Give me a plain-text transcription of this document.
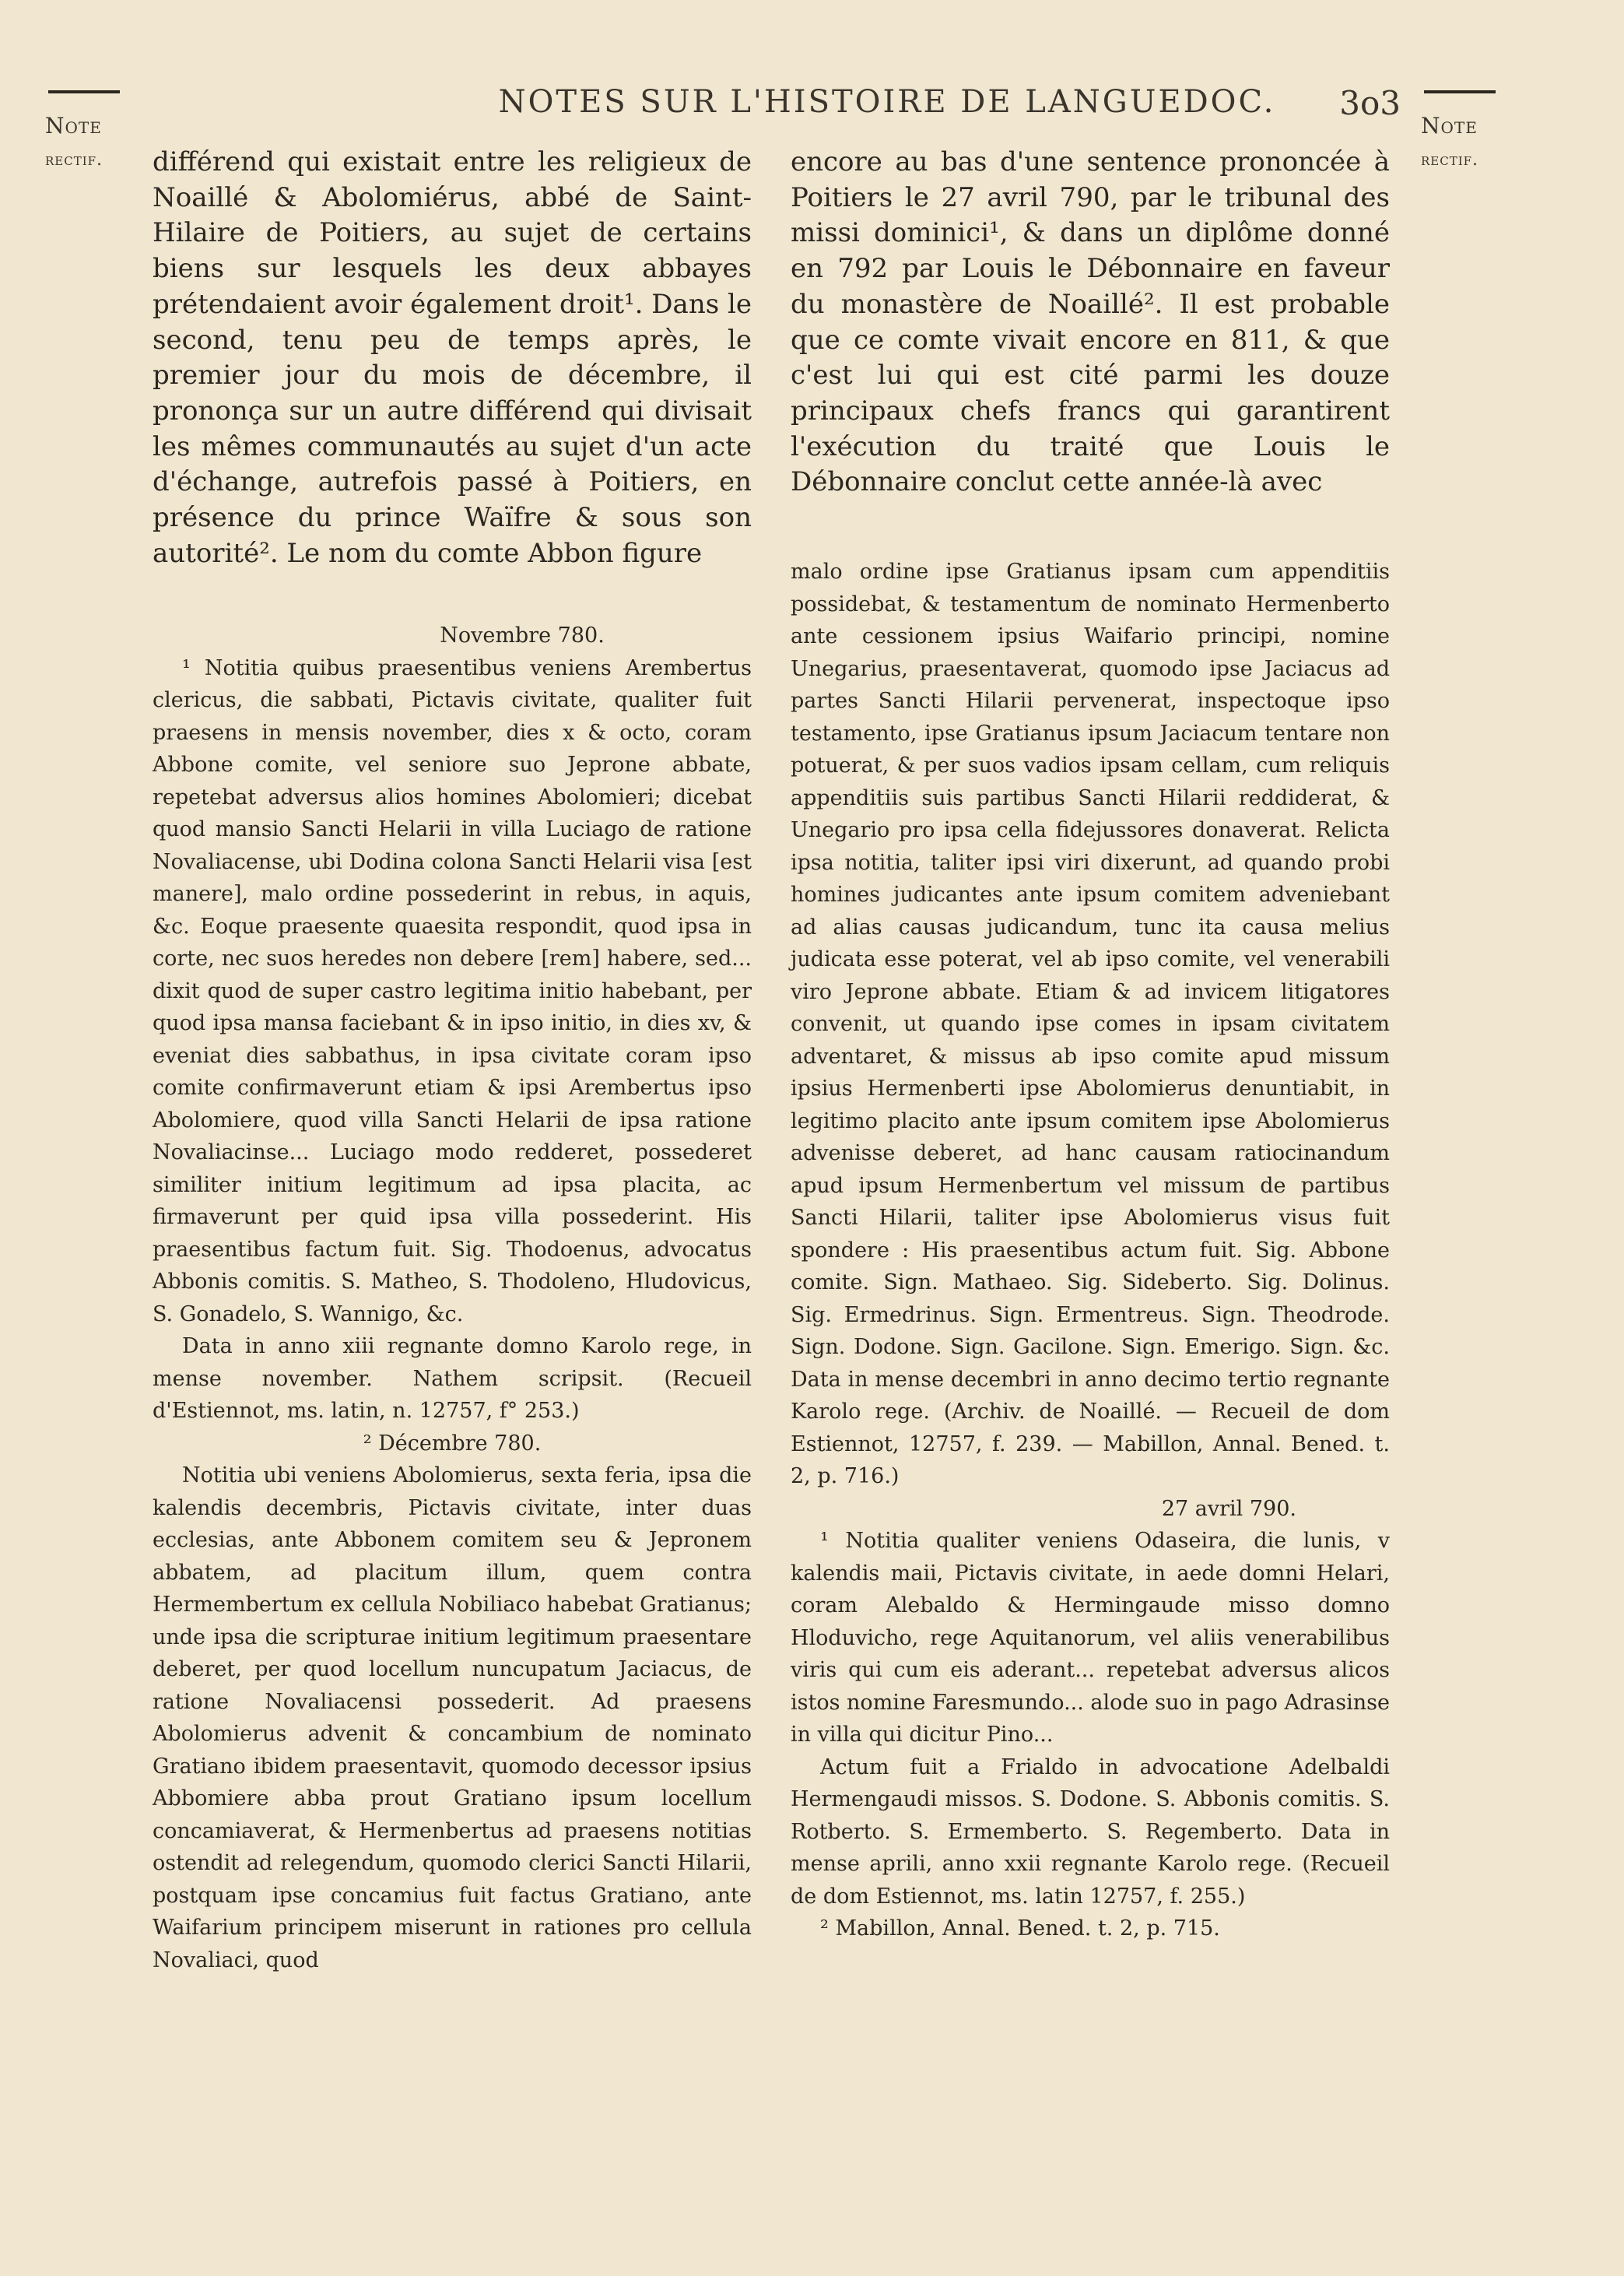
Note
rectif.
Note
rectif.
NOTES SUR L'HISTOIRE DE LANGUEDOC.	3o3
différend qui existait entre les religieux de Noaillé & Abolomiérus, abbé de Saint-Hilaire de Poitiers, au sujet de certains biens sur lesquels les deux abbayes prétendaient avoir également droit¹. Dans le second, tenu peu de temps après, le premier jour du mois de décembre, il prononça sur un autre différend qui divisait les mêmes communautés au sujet d'un acte d'échange, autrefois passé à Poitiers, en présence du prince Waïfre & sous son autorité². Le nom du comte Abbon figure
encore au bas d'une sentence prononcée à Poitiers le 27 avril 790, par le tribunal des missi dominici¹, & dans un diplôme donné en 792 par Louis le Débonnaire en faveur du monastère de Noaillé². Il est probable que ce comte vivait encore en 811, & que c'est lui qui est cité parmi les douze principaux chefs francs qui garantirent l'exécution du traité que Louis le Débonnaire conclut cette année-là avec

Novembre 780.

¹ Notitia quibus praesentibus veniens Arembertus clericus, die sabbati, Pictavis civitate, qualiter fuit praesens in mensis november, dies x & octo, coram Abbone comite, vel seniore suo Jeprone abbate, repetebat adversus alios homines Abolomieri; dicebat quod mansio Sancti Helarii in villa Luciago de ratione Novaliacense, ubi Dodina colona Sancti Helarii visa [est manere], malo ordine possederint in rebus, in aquis, &c. Eoque praesente quaesita respondit, quod ipsa in corte, nec suos heredes non debere [rem] habere, sed... dixit quod de super castro legitima initio habebant, per quod ipsa mansa faciebant & in ipso initio, in dies xv, & eveniat dies sabbathus, in ipsa civitate coram ipso comite confirmaverunt etiam & ipsi Arembertus ipso Abolomiere, quod villa Sancti Helarii de ipsa ratione Novaliacinse... Luciago modo redderet, possederet similiter initium legitimum ad ipsa placita, ac firmaverunt per quid ipsa villa possederint. His praesentibus factum fuit. Sig. Thodoenus, advocatus Abbonis comitis. S. Matheo, S. Thodoleno, Hludovicus, S. Gonadelo, S. Wannigo, &c.

Data in anno xiii regnante domno Karolo rege, in mense november. Nathem scripsit. (Recueil d'Estiennot, ms. latin, n. 12757, f° 253.)

² Décembre 780.

Notitia ubi veniens Abolomierus, sexta feria, ipsa die kalendis decembris, Pictavis civitate, inter duas ecclesias, ante Abbonem comitem seu & Jepronem abbatem, ad placitum illum, quem contra Hermembertum ex cellula Nobiliaco habebat Gratianus; unde ipsa die scripturae initium legitimum praesentare deberet, per quod locellum nuncupatum Jaciacus, de ratione Novaliacensi possederit. Ad praesens Abolomierus advenit & concambium de nominato Gratiano ibidem praesentavit, quomodo decessor ipsius Abbomiere abba prout Gratiano ipsum locellum concamiaverat, & Hermenbertus ad praesens notitias ostendit ad relegendum, quomodo clerici Sancti Hilarii, postquam ipse concamius fuit factus Gratiano, ante Waifarium principem miserunt in rationes pro cellula Novaliaci, quod

malo ordine ipse Gratianus ipsam cum appenditiis possidebat, & testamentum de nominato Hermenberto ante cessionem ipsius Waifario principi, nomine Unegarius, praesentaverat, quomodo ipse Jaciacus ad partes Sancti Hilarii pervenerat, inspectoque ipso testamento, ipse Gratianus ipsum Jaciacum tentare non potuerat, & per suos vadios ipsam cellam, cum reliquis appenditiis suis partibus Sancti Hilarii reddiderat, & Unegario pro ipsa cella fidejussores donaverat. Relicta ipsa notitia, taliter ipsi viri dixerunt, ad quando probi homines judicantes ante ipsum comitem adveniebant ad alias causas judicandum, tunc ita causa melius judicata esse poterat, vel ab ipso comite, vel venerabili viro Jeprone abbate. Etiam & ad invicem litigatores convenit, ut quando ipse comes in ipsam civitatem adventaret, & missus ab ipso comite apud missum ipsius Hermenberti ipse Abolomierus denuntiabit, in legitimo placito ante ipsum comitem ipse Abolomierus advenisse deberet, ad hanc causam ratiocinandum apud ipsum Hermenbertum vel missum de partibus Sancti Hilarii, taliter ipse Abolomierus visus fuit spondere : His praesentibus actum fuit. Sig. Abbone comite. Sign. Mathaeo. Sig. Sideberto. Sig. Dolinus. Sig. Ermedrinus. Sign. Ermentreus. Sign. Theodrode. Sign. Dodone. Sign. Gacilone. Sign. Emerigo. Sign. &c. Data in mense decembri in anno decimo tertio regnante Karolo rege. (Archiv. de Noaillé. — Recueil de dom Estiennot, 12757, f. 239. — Mabillon, Annal. Bened. t. 2, p. 716.)

27 avril 790.

¹ Notitia qualiter veniens Odaseira, die lunis, v kalendis maii, Pictavis civitate, in aede domni Helari, coram Alebaldo & Hermingaude misso domno Hloduvicho, rege Aquitanorum, vel aliis venerabilibus viris qui cum eis aderant... repetebat adversus alicos istos nomine Faresmundo... alode suo in pago Adrasinse in villa qui dicitur Pino...

Actum fuit a Frialdo in advocatione Adelbaldi Hermengaudi missos. S. Dodone. S. Abbonis comitis. S. Rotberto. S. Ermemberto. S. Regemberto. Data in mense aprili, anno xxii regnante Karolo rege. (Recueil de dom Estiennot, ms. latin 12757, f. 255.)

² Mabillon, Annal. Bened. t. 2, p. 715.
